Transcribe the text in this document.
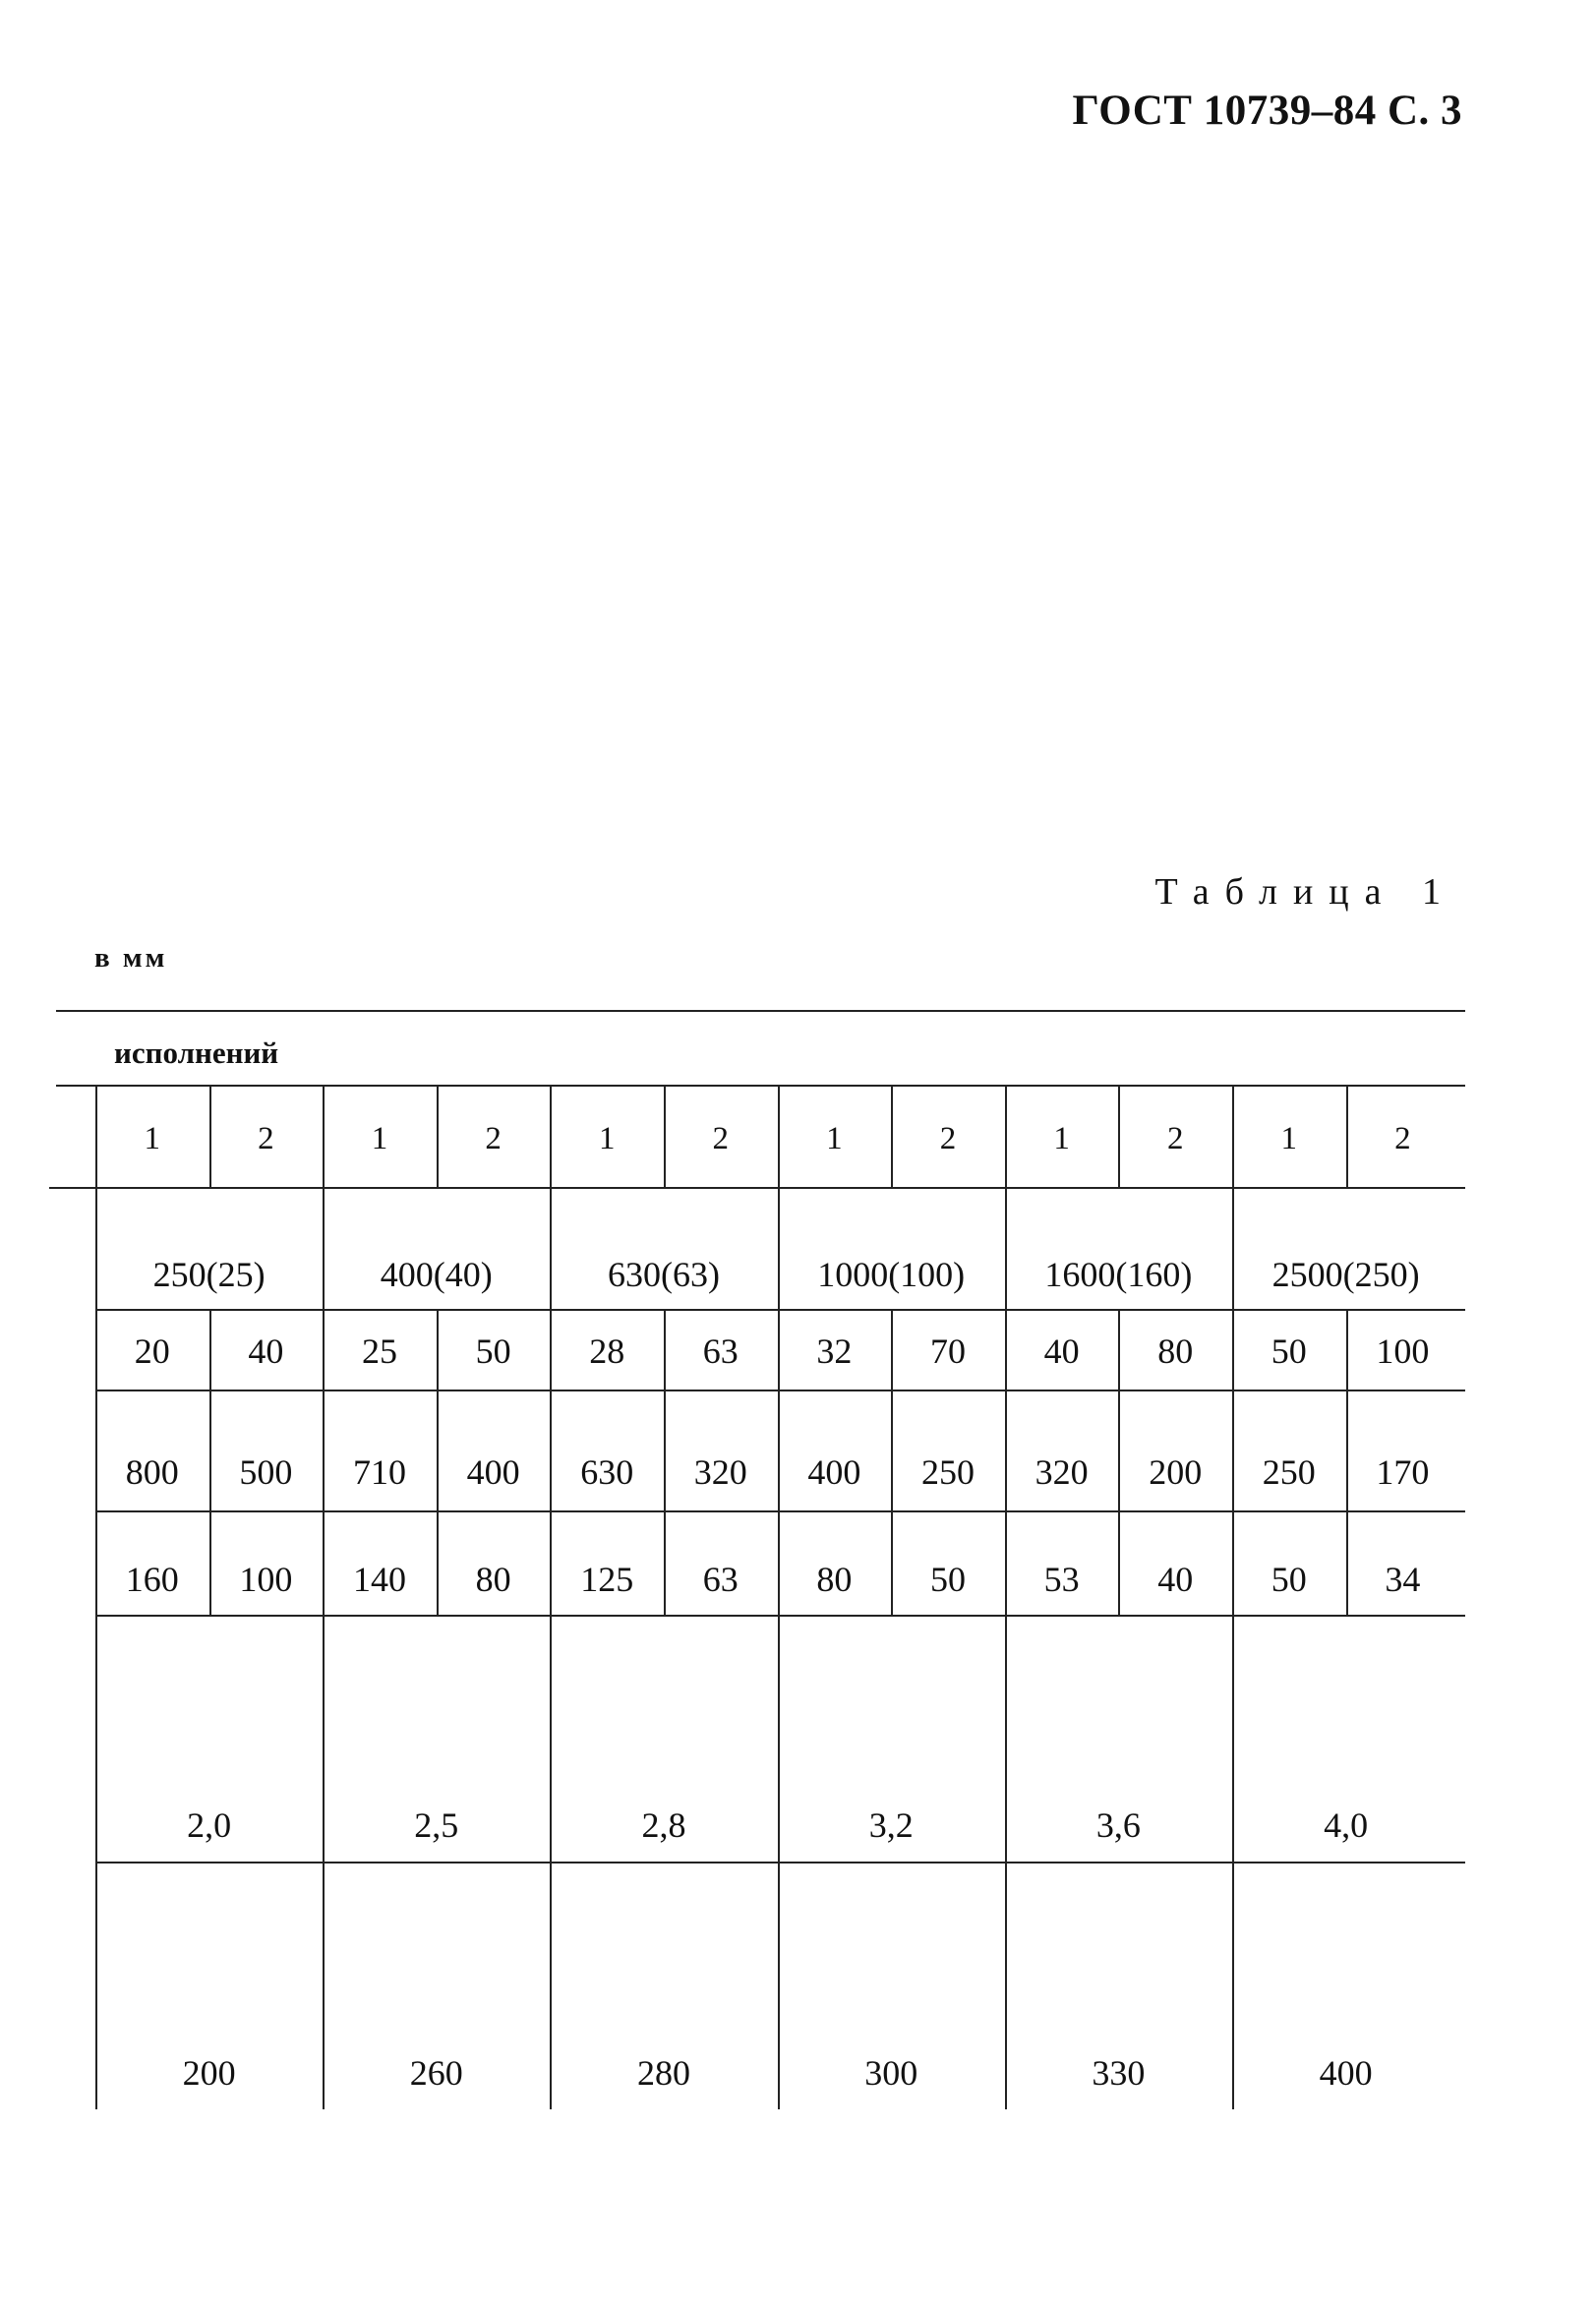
ГОСТ 10739–84 С. 3
Таблица 1
в мм
исполнений
1	2	1	2	1	2	1	2	1	2	1	2
250(25)	400(40)	630(63)	1000(100)	1600(160)	2500(250)
20	40	25	50	28	63	32	70	40	80	50	100
800	500	710	400	630	320	400	250	320	200	250	170
160	100	140	80	125	63	80	50	53	40	50	34
2,0	2,5	2,8	3,2	3,6	4,0
200	260	280	300	330	400
